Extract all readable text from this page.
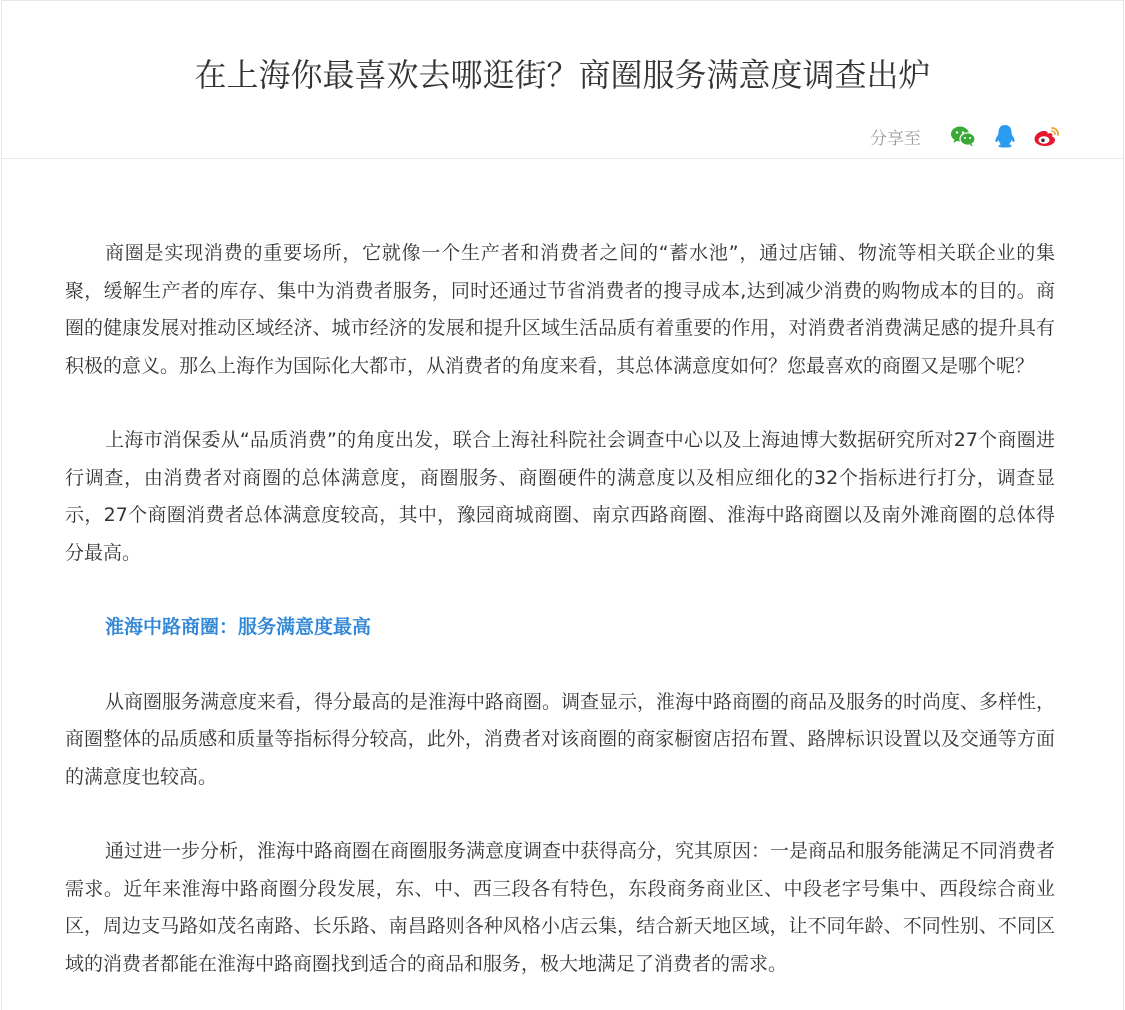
在上海你最喜欢去哪逛街？商圈服务满意度调查出炉
分享至

商圈是实现消费的重要场所，它就像一个生产者和消费者之间的“蓄水池”，通过店铺、物流等相关联企业的集聚，缓解生产者的库存、集中为消费者服务，同时还通过节省消费者的搜寻成本,达到减少消费的购物成本的目的。商圈的健康发展对推动区域经济、城市经济的发展和提升区域生活品质有着重要的作用，对消费者消费满足感的提升具有积极的意义。那么上海作为国际化大都市，从消费者的角度来看，其总体满意度如何？您最喜欢的商圈又是哪个呢？

上海市消保委从“品质消费”的角度出发，联合上海社科院社会调查中心以及上海迪博大数据研究所对27个商圈进行调查，由消费者对商圈的总体满意度，商圈服务、商圈硬件的满意度以及相应细化的32个指标进行打分，调查显示，27个商圈消费者总体满意度较高，其中，豫园商城商圈、南京西路商圈、淮海中路商圈以及南外滩商圈的总体得分最高。

淮海中路商圈：服务满意度最高

从商圈服务满意度来看，得分最高的是淮海中路商圈。调查显示，淮海中路商圈的商品及服务的时尚度、多样性，商圈整体的品质感和质量等指标得分较高，此外，消费者对该商圈的商家橱窗店招布置、路牌标识设置以及交通等方面的满意度也较高。

通过进一步分析，淮海中路商圈在商圈服务满意度调查中获得高分，究其原因：一是商品和服务能满足不同消费者需求。近年来淮海中路商圈分段发展，东、中、西三段各有特色，东段商务商业区、中段老字号集中、西段综合商业区，周边支马路如茂名南路、长乐路、南昌路则各种风格小店云集，结合新天地区域，让不同年龄、不同性别、不同区域的消费者都能在淮海中路商圈找到适合的商品和服务，极大地满足了消费者的需求。
